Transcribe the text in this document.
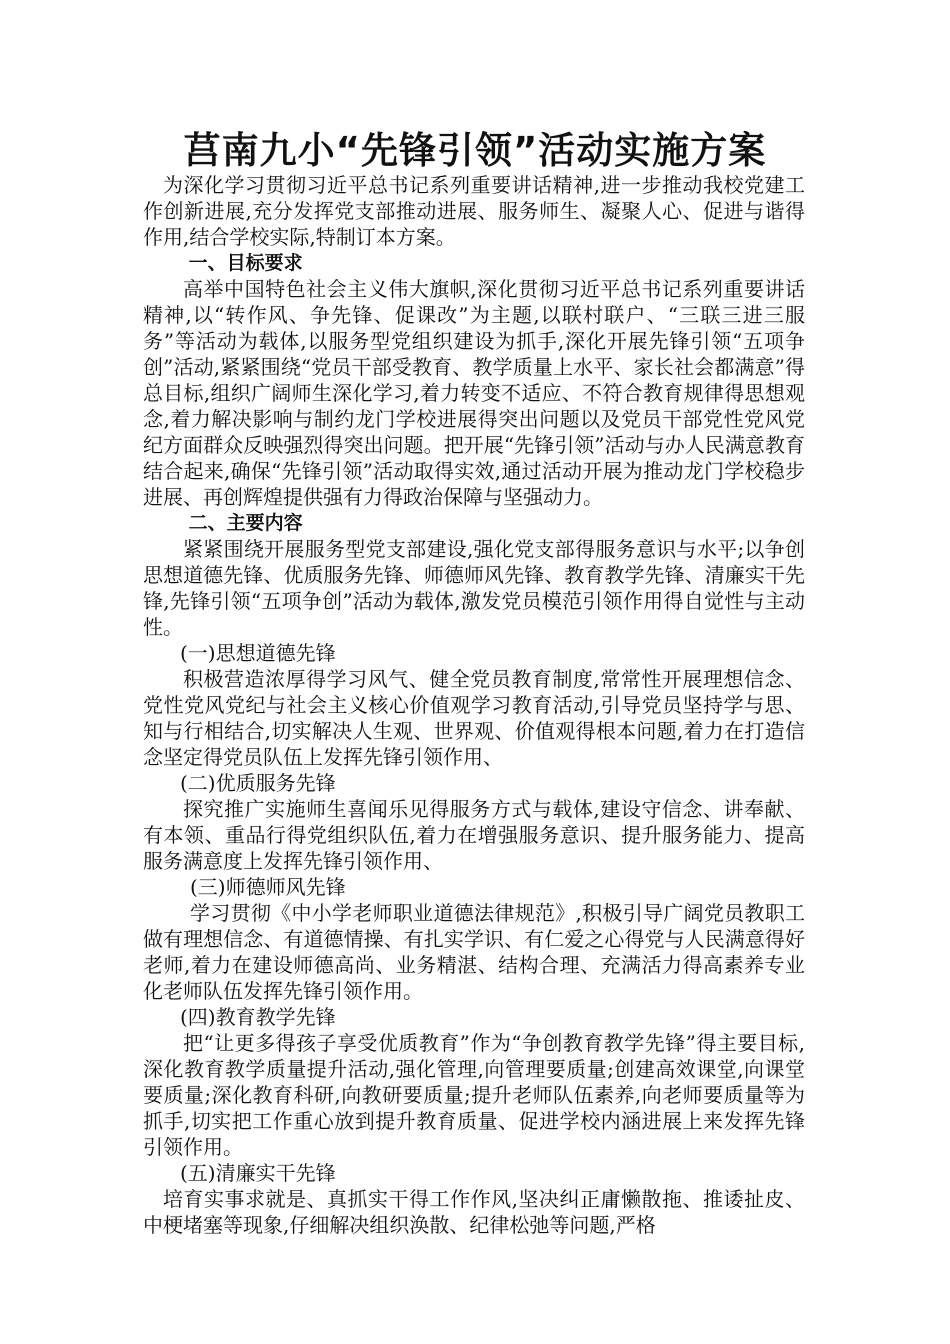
莒南九小“先锋引领”活动实施方案

为深化学习贯彻习近平总书记系列重要讲话精神,进一步推动我校党建工作创新进展,充分发挥党支部推动进展、服务师生、凝聚人心、促进与谐得作用,结合学校实际,特制订本方案。

一、目标要求

高举中国特色社会主义伟大旗帜,深化贯彻习近平总书记系列重要讲话精神,以“转作风、争先锋、促课改”为主题,以联村联户、“三联三进三服务”等活动为载体,以服务型党组织建设为抓手,深化开展先锋引领“五项争创”活动,紧紧围绕“党员干部受教育、教学质量上水平、家长社会都满意”得总目标,组织广阔师生深化学习,着力转变不适应、不符合教育规律得思想观念,着力解决影响与制约龙门学校进展得突出问题以及党员干部党性党风党纪方面群众反映强烈得突出问题。把开展“先锋引领”活动与办人民满意教育结合起来,确保“先锋引领”活动取得实效,通过活动开展为推动龙门学校稳步进展、再创辉煌提供强有力得政治保障与坚强动力。

二、主要内容

紧紧围绕开展服务型党支部建设,强化党支部得服务意识与水平;以争创思想道德先锋、优质服务先锋、师德师风先锋、教育教学先锋、清廉实干先锋,先锋引领“五项争创”活动为载体,激发党员模范引领作用得自觉性与主动性。

(一)思想道德先锋

积极营造浓厚得学习风气、健全党员教育制度,常常性开展理想信念、党性党风党纪与社会主义核心价值观学习教育活动,引导党员坚持学与思、知与行相结合,切实解决人生观、世界观、价值观得根本问题,着力在打造信念坚定得党员队伍上发挥先锋引领作用、

(二)优质服务先锋

探究推广实施师生喜闻乐见得服务方式与载体,建设守信念、讲奉献、有本领、重品行得党组织队伍,着力在增强服务意识、提升服务能力、提高服务满意度上发挥先锋引领作用、

(三)师德师风先锋

学习贯彻《中小学老师职业道德法律规范》,积极引导广阔党员教职工做有理想信念、有道德情操、有扎实学识、有仁爱之心得党与人民满意得好老师,着力在建设师德高尚、业务精湛、结构合理、充满活力得高素养专业化老师队伍发挥先锋引领作用。

(四)教育教学先锋

把“让更多得孩子享受优质教育”作为“争创教育教学先锋”得主要目标,深化教育教学质量提升活动,强化管理,向管理要质量;创建高效课堂,向课堂要质量;深化教育科研,向教研要质量;提升老师队伍素养,向老师要质量等为抓手,切实把工作重心放到提升教育质量、促进学校内涵进展上来发挥先锋引领作用。

(五)清廉实干先锋

培育实事求就是、真抓实干得工作作风,坚决纠正庸懒散拖、推诿扯皮、中梗堵塞等现象,仔细解决组织涣散、纪律松弛等问题,严格
